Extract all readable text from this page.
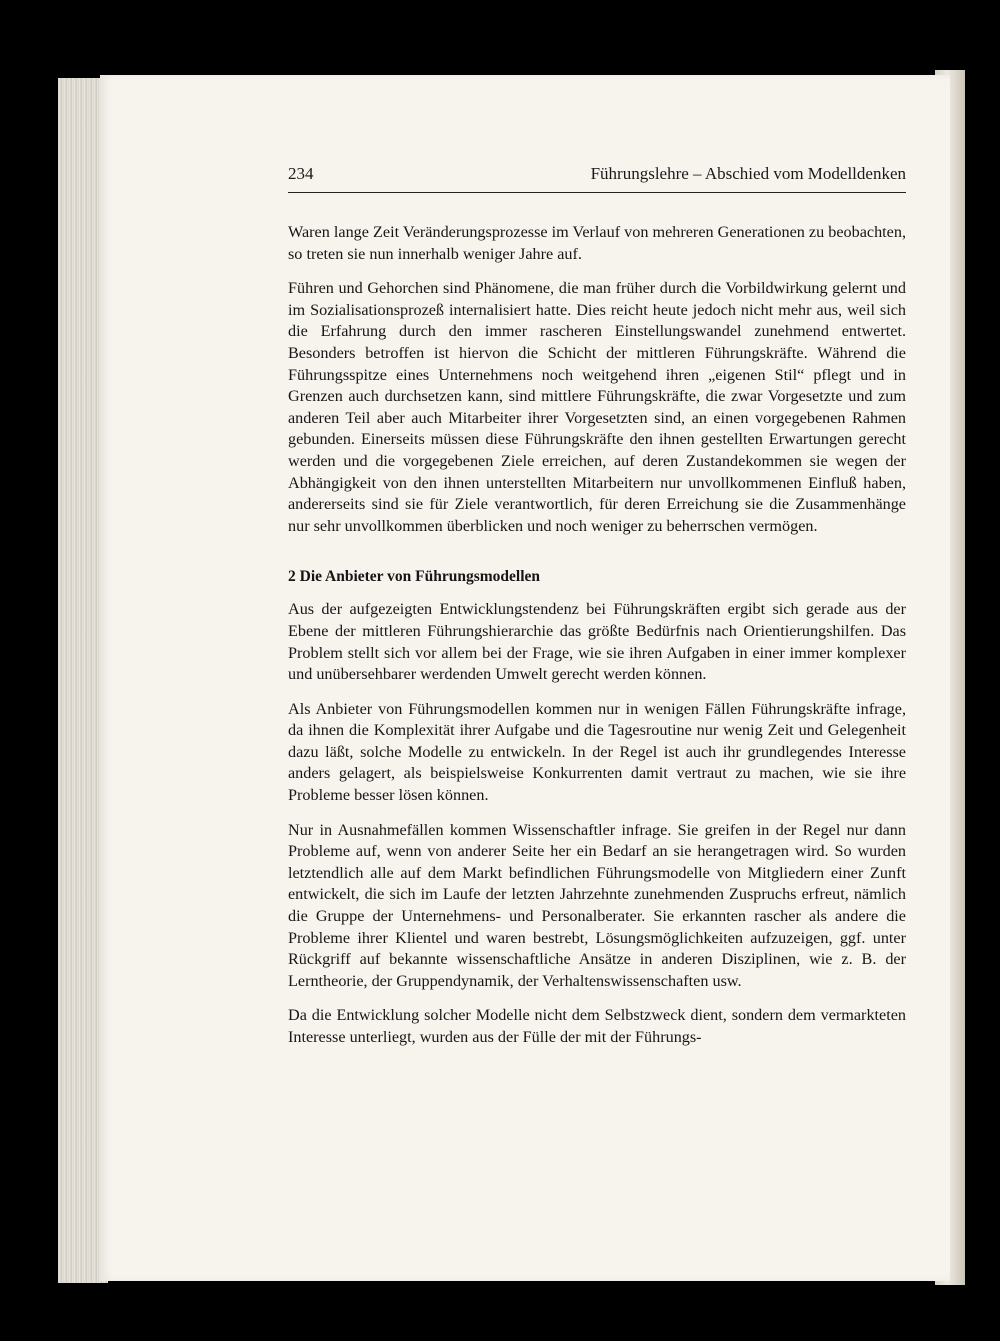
234	Führungslehre – Abschied vom Modelldenken

Waren lange Zeit Veränderungsprozesse im Verlauf von mehreren Generationen zu beobachten, so treten sie nun innerhalb weniger Jahre auf.

Führen und Gehorchen sind Phänomene, die man früher durch die Vorbildwirkung gelernt und im Sozialisationsprozeß internalisiert hatte. Dies reicht heute jedoch nicht mehr aus, weil sich die Erfahrung durch den immer rascheren Einstellungswandel zunehmend entwertet. Besonders betroffen ist hiervon die Schicht der mittleren Führungskräfte. Während die Führungsspitze eines Unternehmens noch weitgehend ihren „eigenen Stil“ pflegt und in Grenzen auch durchsetzen kann, sind mittlere Führungskräfte, die zwar Vorgesetzte und zum anderen Teil aber auch Mitarbeiter ihrer Vorgesetzten sind, an einen vorgegebenen Rahmen gebunden. Einerseits müssen diese Führungskräfte den ihnen gestellten Erwartungen gerecht werden und die vorgegebenen Ziele erreichen, auf deren Zustandekommen sie wegen der Abhängigkeit von den ihnen unterstellten Mitarbeitern nur unvollkommenen Einfluß haben, andererseits sind sie für Ziele verantwortlich, für deren Erreichung sie die Zusammenhänge nur sehr unvollkommen überblicken und noch weniger zu beherrschen vermögen.

2 Die Anbieter von Führungsmodellen

Aus der aufgezeigten Entwicklungstendenz bei Führungskräften ergibt sich gerade aus der Ebene der mittleren Führungshierarchie das größte Bedürfnis nach Orientierungshilfen. Das Problem stellt sich vor allem bei der Frage, wie sie ihren Aufgaben in einer immer komplexer und unübersehbarer werdenden Umwelt gerecht werden können.

Als Anbieter von Führungsmodellen kommen nur in wenigen Fällen Führungskräfte infrage, da ihnen die Komplexität ihrer Aufgabe und die Tagesroutine nur wenig Zeit und Gelegenheit dazu läßt, solche Modelle zu entwickeln. In der Regel ist auch ihr grundlegendes Interesse anders gelagert, als beispielsweise Konkurrenten damit vertraut zu machen, wie sie ihre Probleme besser lösen können.

Nur in Ausnahmefällen kommen Wissenschaftler infrage. Sie greifen in der Regel nur dann Probleme auf, wenn von anderer Seite her ein Bedarf an sie herangetragen wird. So wurden letztendlich alle auf dem Markt befindlichen Führungsmodelle von Mitgliedern einer Zunft entwickelt, die sich im Laufe der letzten Jahrzehnte zunehmenden Zuspruchs erfreut, nämlich die Gruppe der Unternehmens- und Personalberater. Sie erkannten rascher als andere die Probleme ihrer Klientel und waren bestrebt, Lösungsmöglichkeiten aufzuzeigen, ggf. unter Rückgriff auf bekannte wissenschaftliche Ansätze in anderen Disziplinen, wie z. B. der Lerntheorie, der Gruppendynamik, der Verhaltenswissenschaften usw.

Da die Entwicklung solcher Modelle nicht dem Selbstzweck dient, sondern dem vermarkteten Interesse unterliegt, wurden aus der Fülle der mit der Führungs-
